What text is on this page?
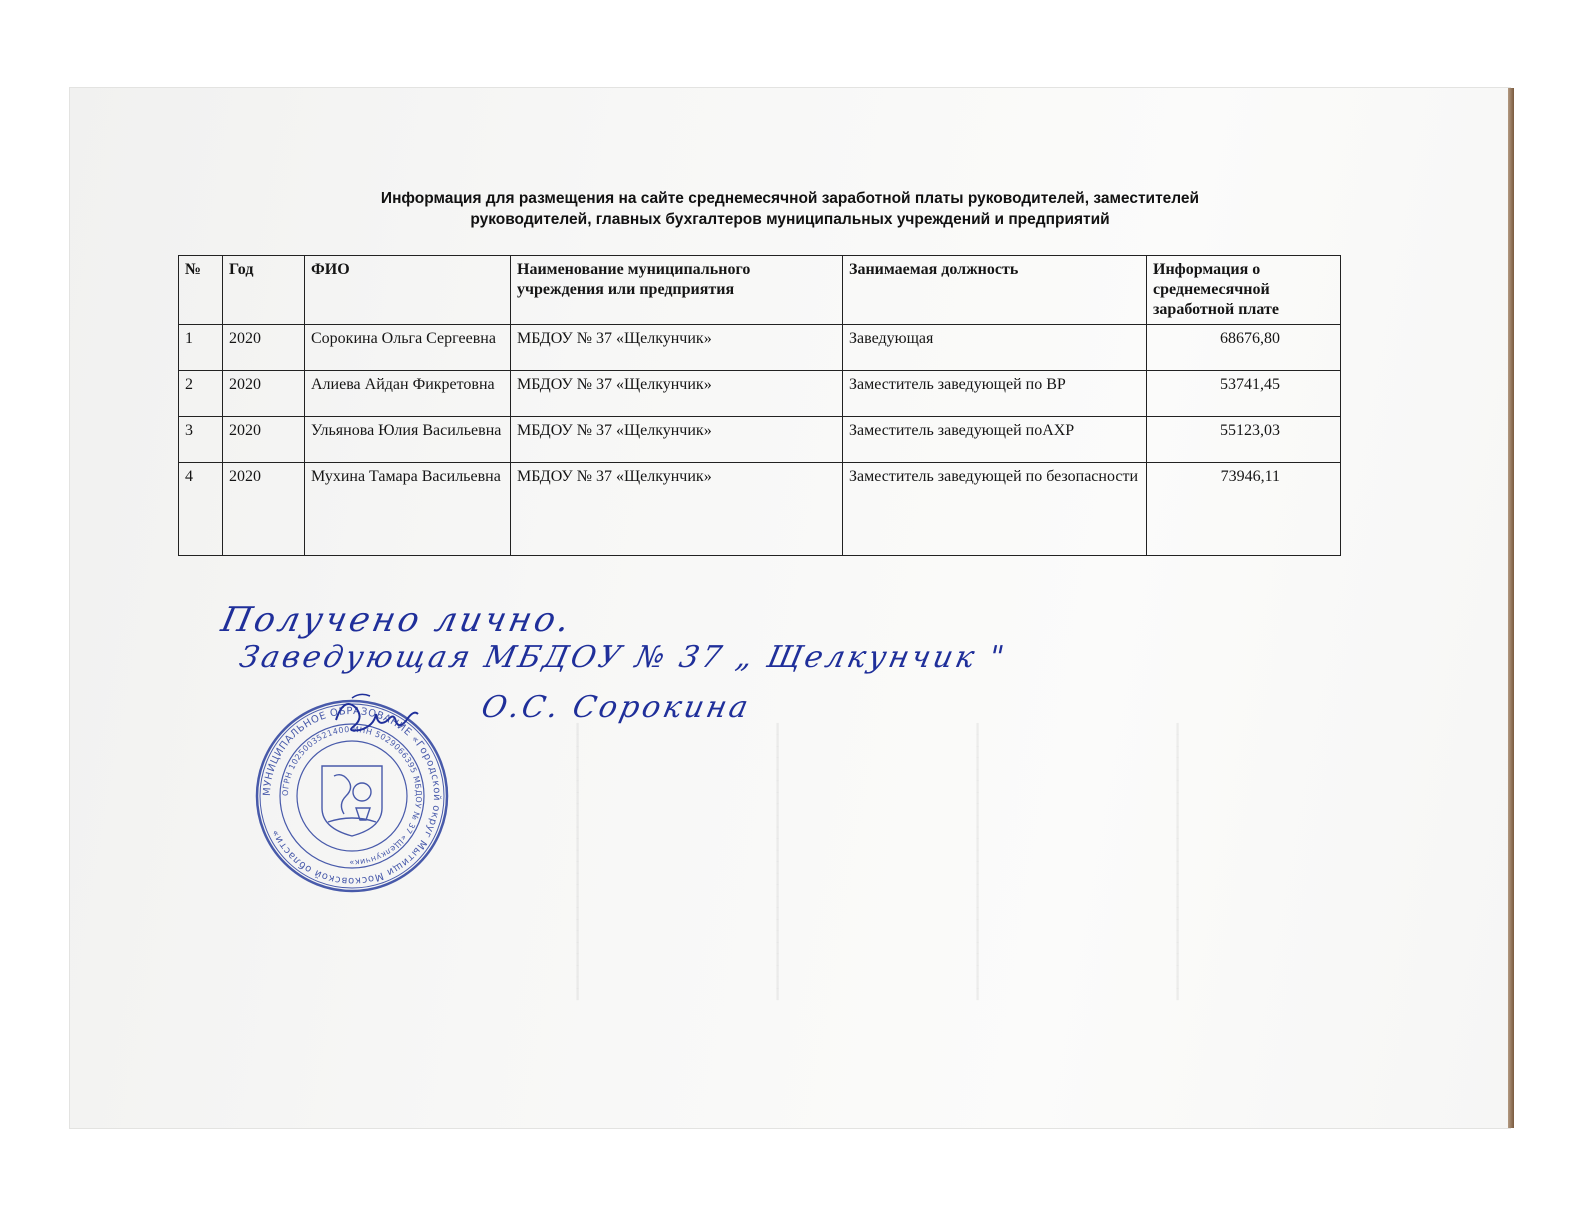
▁▁▁▁▁▁▁▁▁▁▁▁▁▁▁▁▁▁▁▁▁▁▁▁	▁▁▁▁▁▁▁▁▁▁▁▁▁▁▁▁▁▁▁▁▁▁▁▁	▁▁▁▁▁▁▁▁▁▁▁▁▁▁▁▁▁▁▁▁▁▁▁▁	▁▁▁▁▁▁▁▁▁▁▁▁▁▁▁▁▁▁▁▁▁▁▁▁
Информация для размещения на сайте среднемесячной заработной платы руководителей, заместителей
руководителей, главных бухгалтеров муниципальных учреждений и предприятий
№	Год	ФИО	Наименование муниципального учреждения или предприятия	Занимаемая должность	Информация о среднемесячной заработной плате
1	2020	Сорокина Ольга Сергеевна	МБДОУ № 37 «Щелкунчик»	Заведующая	68676,80
2	2020	Алиева Айдан Фикретовна	МБДОУ № 37 «Щелкунчик»	Заместитель заведующей по ВР	53741,45
3	2020	Ульянова Юлия Васильевна	МБДОУ № 37 «Щелкунчик»	Заместитель заведующей поАХР	55123,03
4	2020	Мухина Тамара Васильевна	МБДОУ № 37 «Щелкунчик»	Заместитель заведующей по безопасности	73946,11
Получено лично.
Заведующая МБДОУ № 37 „ Щелкунчик "
О.С. Сорокина
МУНИЦИПАЛЬНОЕ ОБРАЗОВАНИЕ «Городской округ Мытищи Московской области»
ОГРН 1025003521400 ИНН 5029066395 МБДОУ № 37 «Щелкунчик»
